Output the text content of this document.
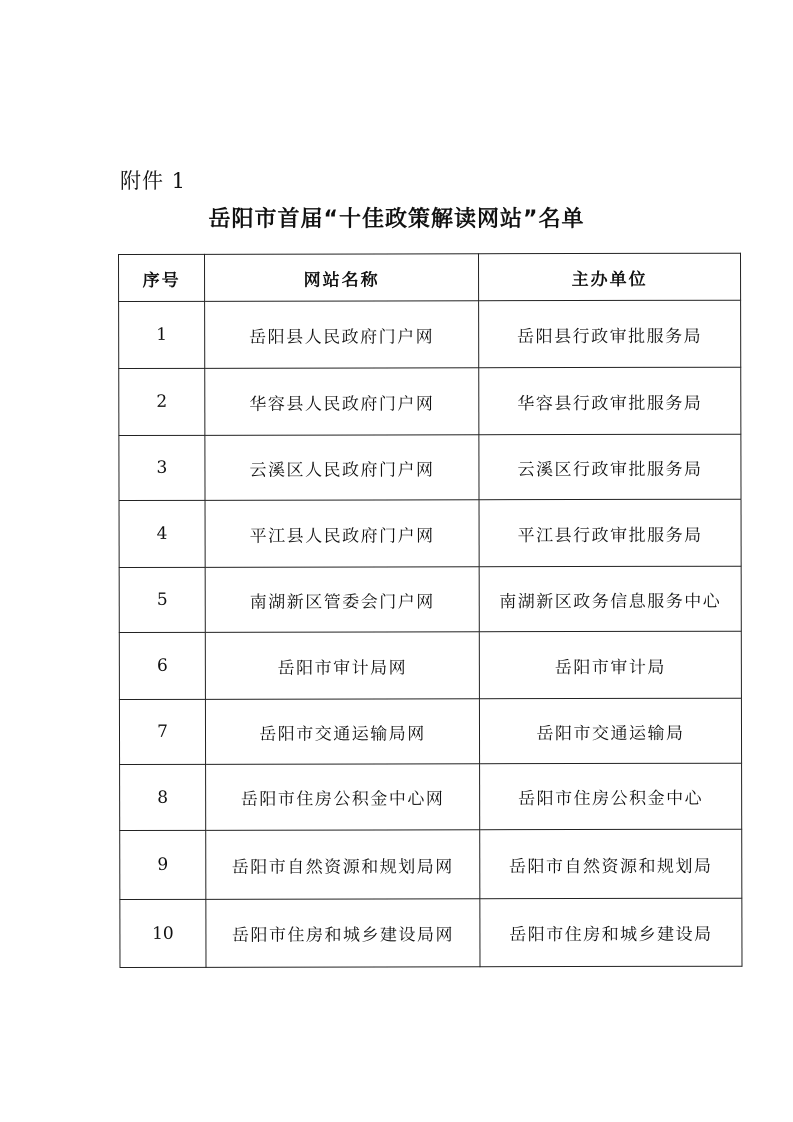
附件 1
岳阳市首届“十佳政策解读网站”名单
序号	网站名称	主办单位
1	岳阳县人民政府门户网	岳阳县行政审批服务局
2	华容县人民政府门户网	华容县行政审批服务局
3	云溪区人民政府门户网	云溪区行政审批服务局
4	平江县人民政府门户网	平江县行政审批服务局
5	南湖新区管委会门户网	南湖新区政务信息服务中心
6	岳阳市审计局网	岳阳市审计局
7	岳阳市交通运输局网	岳阳市交通运输局
8	岳阳市住房公积金中心网	岳阳市住房公积金中心
9	岳阳市自然资源和规划局网	岳阳市自然资源和规划局
10	岳阳市住房和城乡建设局网	岳阳市住房和城乡建设局
